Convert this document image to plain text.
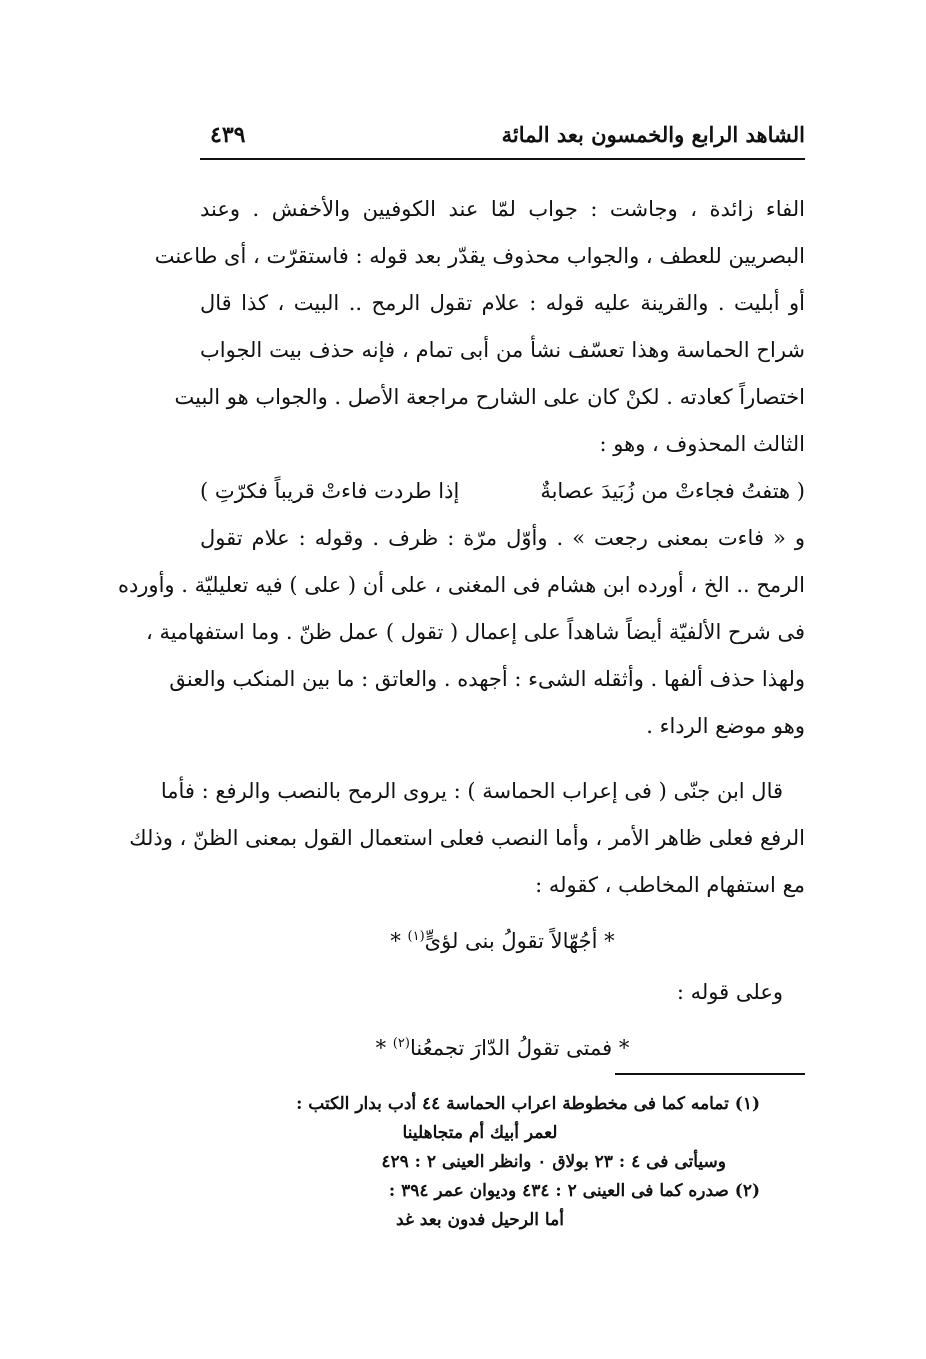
الشاهد الرابع والخمسون بعد المائة
٤٣٩
الفاء زائدة ، وجاشت : جواب لمّا عند الكوفيين والأخفش . وعند
البصريين للعطف ، والجواب محذوف يقدّر بعد قوله : فاستقرّت ، أى طاعنت
أو أبليت . والقرينة عليه قوله : علام تقول الرمح .. البيت ، كذا قال
شراح الحماسة وهذا تعسّف نشأ من أبى تمام ، فإنه حذف بيت الجواب
اختصاراً كعادته . لكنْ كان على الشارح مراجعة الأصل . والجواب هو البيت
الثالث المحذوف ، وهو :
( هتفتُ فجاءتْ من زُبَيدَ عصابةٌ
إذا طردت فاءتْ قريباً فكرّتِ )
و « فاءت بمعنى رجعت » . وأوّل مرّة : ظرف . وقوله : علام تقول
الرمح .. الخ ، أورده ابن هشام فى المغنى ، على أن ( على ) فيه تعليليّة . وأورده
فى شرح الألفيّة أيضاً شاهداً على إعمال ( تقول ) عمل ظنّ . وما استفهامية ،
ولهذا حذف ألفها . وأثقله الشىء : أجهده . والعاتق : ما بين المنكب والعنق
وهو موضع الرداء .
قال ابن جنّى ( فى إعراب الحماسة ) : يروى الرمح بالنصب والرفع : فأما
الرفع فعلى ظاهر الأمر ، وأما النصب فعلى استعمال القول بمعنى الظنّ ، وذلك
مع استفهام المخاطب ، كقوله :
* أجُهّالاً تقولُ بنى لؤىٍّ$^{(١)}$ *
وعلى قوله :
* فمتى تقولُ الدّارَ تجمعُنا$^{(٢)}$ *
(١) تمامه كما فى مخطوطة اعراب الحماسة ٤٤ أدب بدار الكتب :
لعمر أبيك أم متجاهلينا
وسيأتى فى ٤ : ٢٣ بولاق ٠ وانظر العينى ٢ : ٤٢٩
(٢) صدره كما فى العينى ٢ : ٤٣٤ وديوان عمر ٣٩٤ :
أما الرحيل فدون بعد غد
